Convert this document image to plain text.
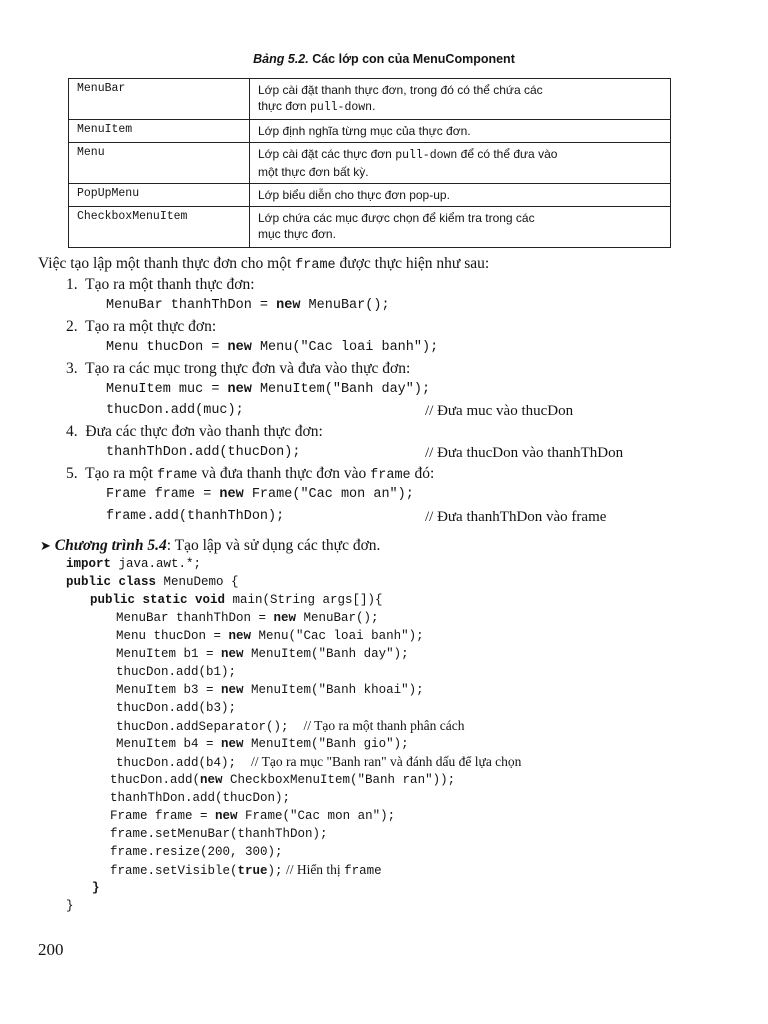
Bảng 5.2. Các lớp con của MenuComponent
MenuBar	Lớp cài đặt thanh thực đơn, trong đó có thể chứa các
thực đơn pull-down.
MenuItem	Lớp định nghĩa từng mục của thực đơn.
Menu	Lớp cài đặt các thực đơn pull-down để có thể đưa vào
một thực đơn bất kỳ.
PopUpMenu	Lớp biểu diễn cho thực đơn pop-up.
CheckboxMenuItem	Lớp chứa các mục được chọn để kiểm tra trong các
mục thực đơn.
Việc tạo lập một thanh thực đơn cho một frame được thực hiện như sau:
1.  Tạo ra một thanh thực đơn:
MenuBar thanhThDon = new MenuBar();
2.  Tạo ra một thực đơn:
Menu thucDon = new Menu("Cac loai banh");
3.  Tạo ra các mục trong thực đơn và đưa vào thực đơn:
MenuItem muc = new MenuItem("Banh day");
thucDon.add(muc);	// Đưa muc vào thucDon
4.  Đưa các thực đơn vào thanh thực đơn:
thanhThDon.add(thucDon);	// Đưa thucDon vào thanhThDon
5.  Tạo ra một frame và đưa thanh thực đơn vào frame đó:
Frame frame = new Frame("Cac mon an");
frame.add(thanhThDon);	// Đưa thanhThDon vào frame
➤ Chương trình 5.4: Tạo lập và sử dụng các thực đơn.
import java.awt.*;
public class MenuDemo {
public static void main(String args[]){
MenuBar thanhThDon = new MenuBar();
Menu thucDon = new Menu("Cac loai banh");
MenuItem b1 = new MenuItem("Banh day");
thucDon.add(b1);
MenuItem b3 = new MenuItem("Banh khoai");
thucDon.add(b3);
thucDon.addSeparator(); // Tạo ra một thanh phân cách
MenuItem b4 = new MenuItem("Banh gio");
thucDon.add(b4); // Tạo ra mục "Banh ran" và đánh dấu để lựa chọn
thucDon.add(new CheckboxMenuItem("Banh ran"));
thanhThDon.add(thucDon);
Frame frame = new Frame("Cac mon an");
frame.setMenuBar(thanhThDon);
frame.resize(200, 300);
frame.setVisible(true); // Hiển thị frame
}
}
200
